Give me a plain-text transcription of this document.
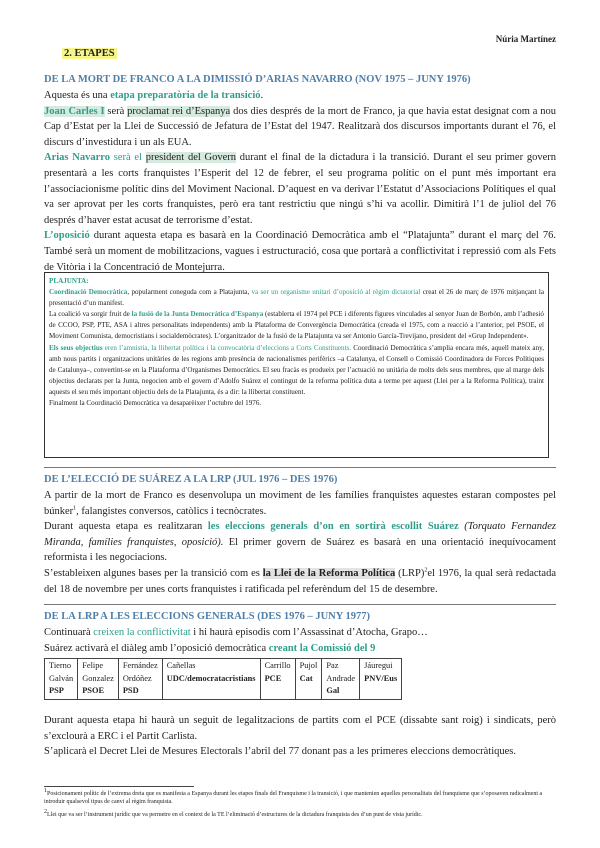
Núria Martínez
2. ETAPES
DE LA MORT DE FRANCO A LA DIMISSIÓ D’ARIAS NAVARRO (NOV 1975 – JUNY 1976)

Aquesta és una etapa preparatòria de la transició.

Joan Carles I serà proclamat rei d’Espanya dos dies després de la mort de Franco, ja que havia estat designat com a nou Cap d’Estat per la Llei de Successió de Jefatura de l’Estat del 1947. Realitzarà dos discursos importants durant el 76, el discurs d’investidura i un als EUA.

Arias Navarro serà el president del Govern durant el final de la dictadura i la transició. Durant el seu primer govern presentarà a les corts franquistes l’Esperit del 12 de febrer, el seu programa polític on el punt més important era l’associacionisme polític dins del Moviment Nacional. D’aquest en va derivar l’Estatut d’Associacions Polítiques el qual va ser aprovat per les corts franquistes, però era tant restrictiu que ningú s’hi va acollir. Dimitirà l’1 de juliol del 76 després d’haver estat acusat de terrorisme d’estat.

L’oposició durant aquesta etapa es basarà en la Coordinació Democràtica amb el “Platajunta” durant el març del 76. També serà un moment de mobilitzacions, vagues i estructuració, cosa que portarà a conflictivitat i repressió com als Fets de Vitòria i la Concentració de Montejurra.

PLAJUNTA:

Coordinació Democràtica, popularment coneguda com a Platajunta, va ser un organisme unitari d’oposició al règim dictatorial creat el 26 de març de 1976 mitjançant la presentació d’un manifest.

La coalició va sorgir fruit de la fusió de la Junta Democràtica d’Espanya (establerta el 1974 pel PCE i diferents figures vinculades al senyor Juan de Borbón, amb l’adhesió de CCOO, PSP, PTE, ASA i altres personalitats independents) amb la Plataforma de Convergència Democràtica (creada el 1975, com a reacció a l’anterior, pel PSOE, el Moviment Comunista, democristians i socialdemòcrates). L’organitzador de la fusió de la Platajunta va ser Antonio García-Trevijano, president del «Grup Independent».

Els seus objectius eren l’amnistia, la llibertat política i la convocatòria d’eleccions a Corts Constituents. Coordinació Democràtica s’amplia encara més, aquell mateix any, amb nous partits i organitzacions unitàries de les regions amb presència de nacionalismes perifèrics –a Catalunya, el Consell o Comissió Coordinadora de Forces Polítiques de Catalunya–, convertint-se en la Plataforma d’Organismes Democràtics. El seu fracàs es produeix per l’actuació no unitària de molts dels seus membres, que al marge dels objectius declarats per la Junta, negocien amb el govern d’Adolfo Suárez el contingut de la reforma política duta a terme per aquest (Llei per a la Reforma Política), traint aquests el seu més important objectiu dels de la Platajunta, és a dir: la llibertat constituent.

Finalment la Coordinació Democràtica va desaparèixer l’octubre del 1976.

DE L’ELECCIÓ DE SUÁREZ A LA LRP (JUL 1976 – DES 1976)

A partir de la mort de Franco es desenvolupa un moviment de les famílies franquistes aquestes estaran compostes pel búnker$^1$, falangistes conversos, catòlics i tecnòcrates.

Durant aquesta etapa es realitzaran les eleccions generals d’on en sortirà escollit Suárez (Torquato Fernandez Miranda, famílies franquistes, oposició). El primer govern de Suárez es basarà en una orientació inequívocament reformista i les negociacions.

S’estableixen algunes bases per la transició com es la Llei de la Reforma Política (LRP)$^2$el 1976, la qual serà redactada del 18 de novembre per unes corts franquistes i ratificada pel referèndum del 15 de desembre.

DE LA LRP A LES ELECCIONS GENERALS (DES 1976 – JUNY 1977)

Continuarà creixen la conflictivitat i hi haurà episodis com l’Assassinat d’Atocha, Grapo…

Suárez activarà el diàleg amb l’oposició democràtica creant la Comissió del 9

Tierno
Galván
PSP

Felipe
Gonzalez
PSOE

Fernández
Ordóñez
PSD

Cañellas
UDC/democratacristians

Carrillo
PCE

Pujol
Cat

Paz
Andrade
Gal

Jáuregui
PNV/Eus

Durant aquesta etapa hi haurà un seguit de legalitzacions de partits com el PCE (dissabte sant roig) i sindicats, però s’exclourà a ERC i el Partit Carlista.

S’aplicarà el Decret Llei de Mesures Electorals l’abril del 77 donant pas a les primeres eleccions democràtiques.

$^1$Posicionament polític de l’extrema dreta que es manifesta a Espanya durant les etapes finals del Franquisme i la transició, i que mantenien aquelles personalitats del franquisme que s’oposaven radicalment a introduir qualsevol tipus de canvi al règim franquista.
$^2$Llei que va ser l’instrument jurídic que va permetre en el context de la TE l’eliminació d’estructures de la dictadura franquista des d’un punt de vista jurídic.
